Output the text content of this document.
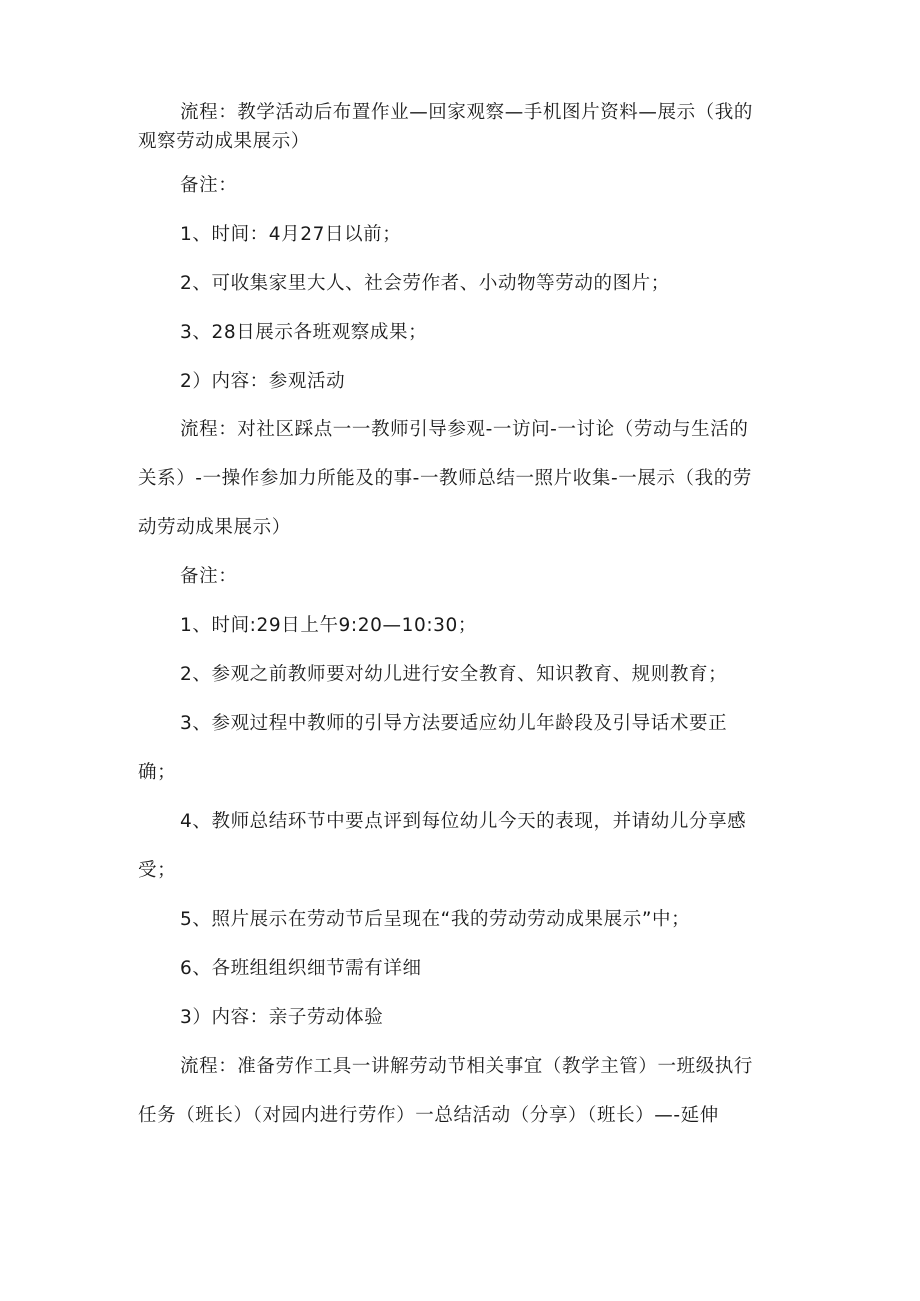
流程：教学活动后布置作业—回家观察—手机图片资料—展示（我的
观察劳动成果展示）
备注：
1、时间：4月27日以前；
2、可收集家里大人、社会劳作者、小动物等劳动的图片；
3、28日展示各班观察成果；
2）内容：参观活动
流程：对社区踩点一一教师引导参观-一访问-一讨论（劳动与生活的
关系）-一操作参加力所能及的事-一教师总结一照片收集-一展示（我的劳
动劳动成果展示）
备注：
1、时间:29日上午9:20—10:30；
2、参观之前教师要对幼儿进行安全教育、知识教育、规则教育；
3、参观过程中教师的引导方法要适应幼儿年龄段及引导话术要正
确；
4、教师总结环节中要点评到每位幼儿今天的表现，并请幼儿分享感
受；
5、照片展示在劳动节后呈现在“我的劳动劳动成果展示”中；
6、各班组组织细节需有详细
3）内容：亲子劳动体验
流程：准备劳作工具一讲解劳动节相关事宜（教学主管）一班级执行
任务（班长）（对园内进行劳作）一总结活动（分享）（班长）—-延伸
